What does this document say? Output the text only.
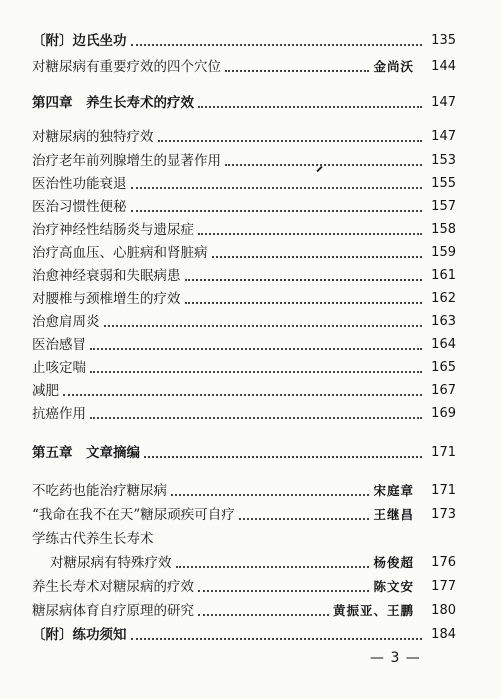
〔附〕边氏坐功	135
对糖尿病有重要疗效的四个穴位	金尚沃	144
第四章　养生长寿术的疗效	147
对糖尿病的独特疗效	147
治疗老年前列腺增生的显著作用	153
医治性功能衰退	155
医治习惯性便秘	157
治疗神经性结肠炎与遗尿症	158
治疗高血压、心脏病和肾脏病	159
治愈神经衰弱和失眠病患	161
对腰椎与颈椎增生的疗效	162
治愈肩周炎	163
医治感冒	164
止咳定喘	165
减肥	167
抗癌作用	169
第五章　文章摘编	171
不吃药也能治疗糖尿病	宋庭章	171
“我命在我不在天”糖尿顽疾可自疗	王继昌	173
学练古代养生长寿术
对糖尿病有特殊疗效	杨俊超	176
养生长寿术对糖尿病的疗效	陈文安	177
糖尿病体育自疗原理的研究	黄振亚、王鹏	180
〔附〕练功须知	184
— 3 —
